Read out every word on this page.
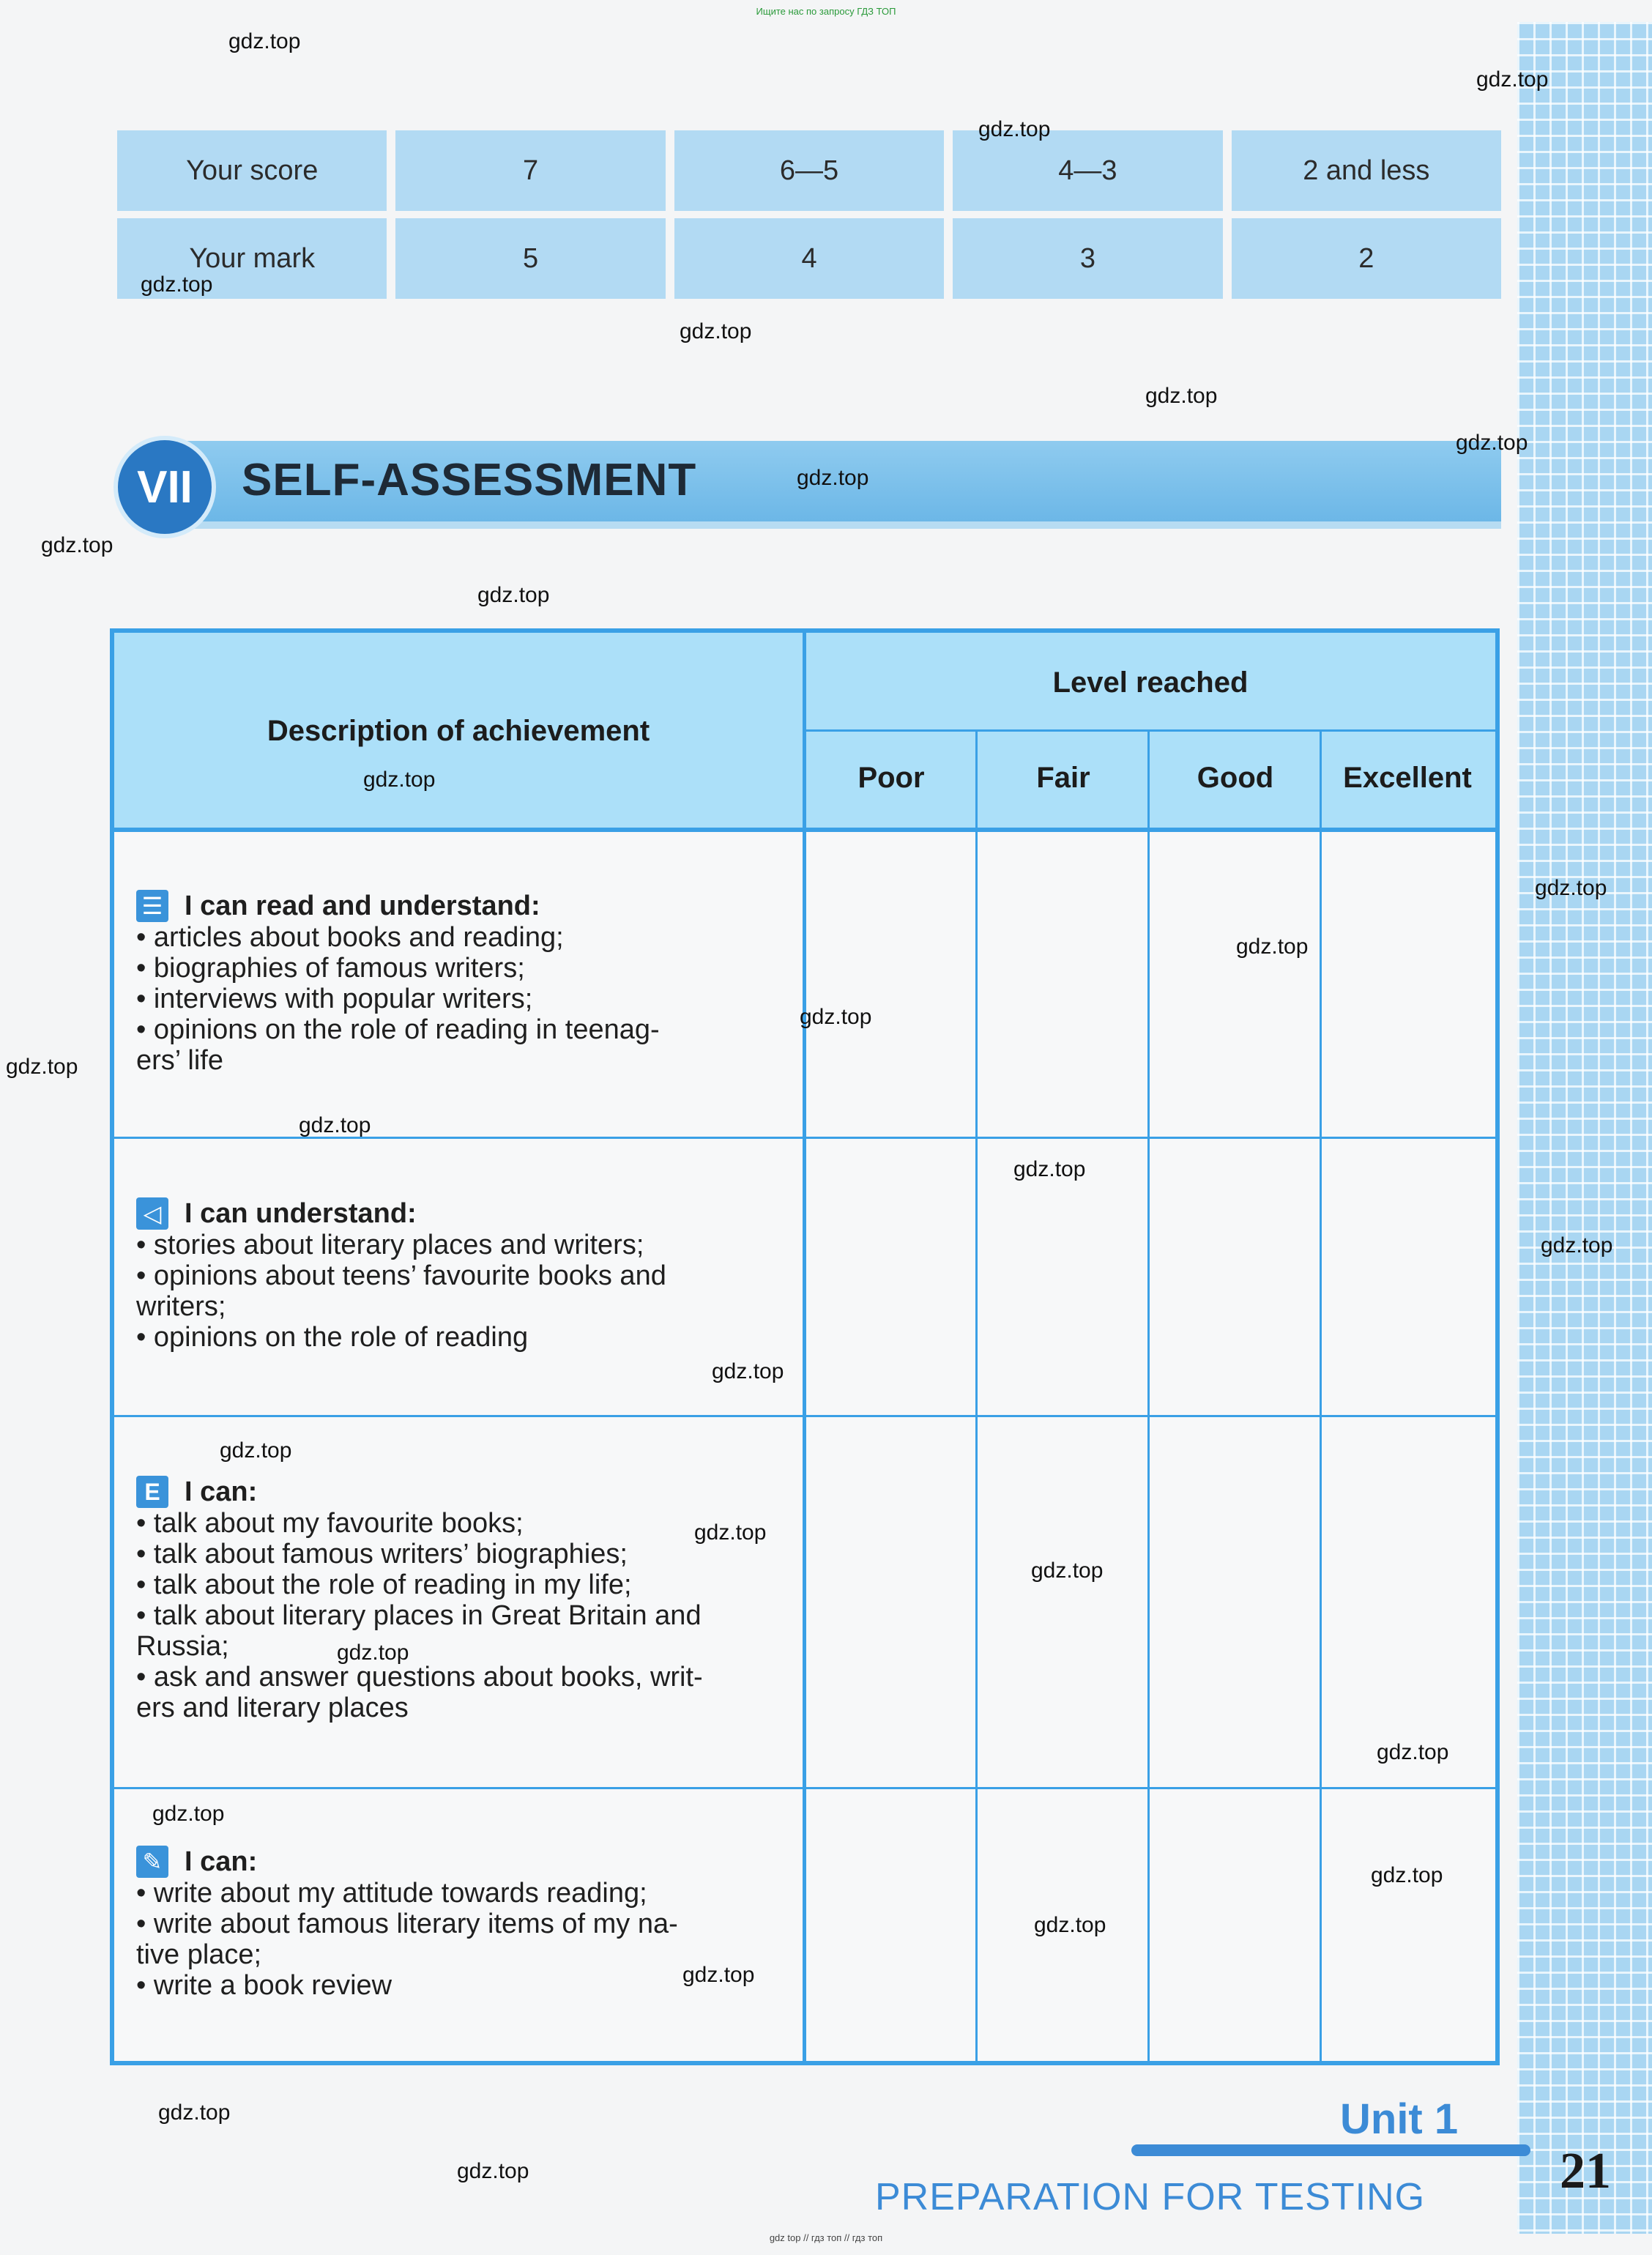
Ищите нас по запросу ГДЗ ТОП
Your score	7	6—5	4—3	2 and less
Your mark	5	4	3	2
VII	SELF-ASSESSMENT
Description of achievement
Level reached
Poor	Fair	Good	Excellent
☰ I can read and understand:
• articles about books and reading;
• biographies of famous writers;
• interviews with popular writers;
• opinions on the role of reading in teenag-
ers’ life
◁ I can understand:
• stories about literary places and writers;
• opinions about teens’ favourite books and
writers;
• opinions on the role of reading
E I can:
• talk about my favourite books;
• talk about famous writers’ biographies;
• talk about the role of reading in my life;
• talk about literary places in Great Britain and
Russia;
• ask and answer questions about books, writ-
ers and literary places
✎ I can:
• write about my attitude towards reading;
• write about famous literary items of my na-
tive place;
• write a book review
Unit 1
PREPARATION FOR TESTING	21
gdz.top
gdz.top
gdz.top
gdz.top
gdz.top
gdz.top
gdz.top
gdz.top
gdz.top
gdz.top
gdz.top
gdz.top
gdz.top
gdz.top
gdz.top
gdz.top
gdz.top
gdz.top
gdz.top
gdz.top
gdz.top
gdz.top
gdz.top
gdz.top
gdz.top
gdz.top
gdz.top
gdz.top
gdz.top
gdz.top
gdz top // гдз топ // гдз топ
